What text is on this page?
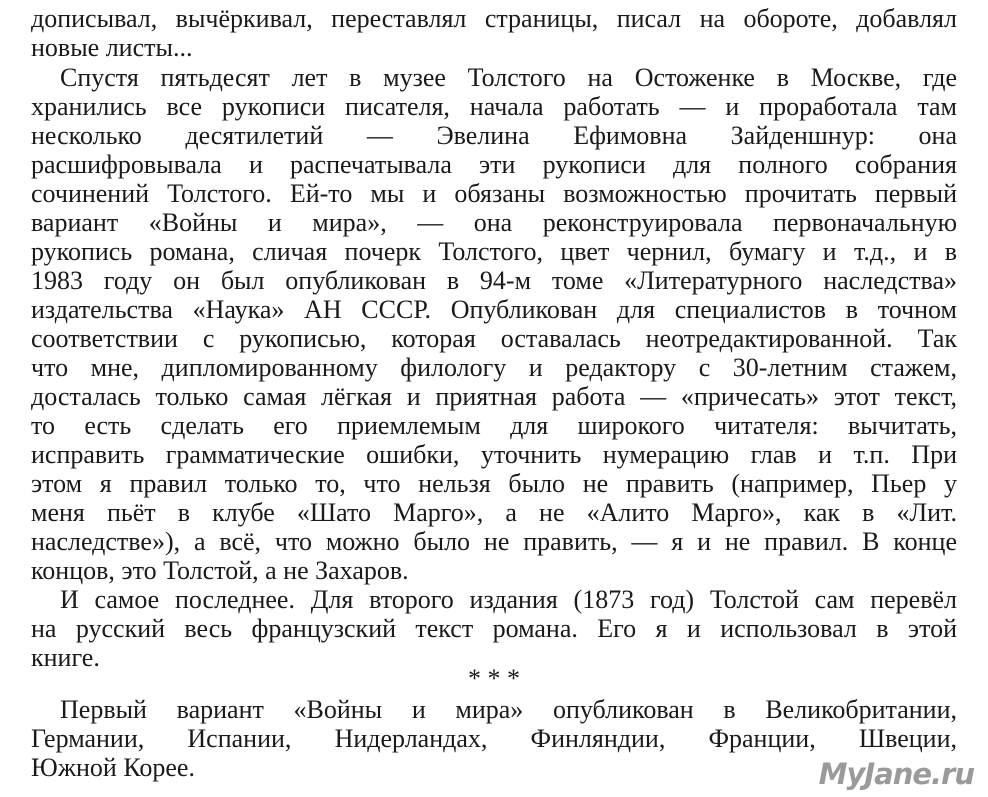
дописывал, вычёркивал, переставлял страницы, писал на обороте, добавлял
новые листы...
Спустя пятьдесят лет в музее Толстого на Остоженке в Москве, где
хранились все рукописи писателя, начала работать — и проработала там
несколько десятилетий — Эвелина Ефимовна Зайденшнур: она
расшифровывала и распечатывала эти рукописи для полного собрания
сочинений Толстого. Ей-то мы и обязаны возможностью прочитать первый
вариант «Войны и мира», — она реконструировала первоначальную
рукопись романа, сличая почерк Толстого, цвет чернил, бумагу и т.д., и в
1983 году он был опубликован в 94-м томе «Литературного наследства»
издательства «Наука» АН СССР. Опубликован для специалистов в точном
соответствии с рукописью, которая оставалась неотредактированной. Так
что мне, дипломированному филологу и редактору с 30-летним стажем,
досталась только самая лёгкая и приятная работа — «причесать» этот текст,
то есть сделать его приемлемым для широкого читателя: вычитать,
исправить грамматические ошибки, уточнить нумерацию глав и т.п. При
этом я правил только то, что нельзя было не править (например, Пьер у
меня пьёт в клубе «Шато Марго», а не «Алито Марго», как в «Лит.
наследстве»), а всё, что можно было не править, — я и не правил. В конце
концов, это Толстой, а не Захаров.
И самое последнее. Для второго издания (1873 год) Толстой сам перевёл
на русский весь французский текст романа. Его я и использовал в этой
книге.
* * *
Первый вариант «Войны и мира» опубликован в Великобритании,
Германии, Испании, Нидерландах, Финляндии, Франции, Швеции,
Южной Корее.	MyJane.ru
